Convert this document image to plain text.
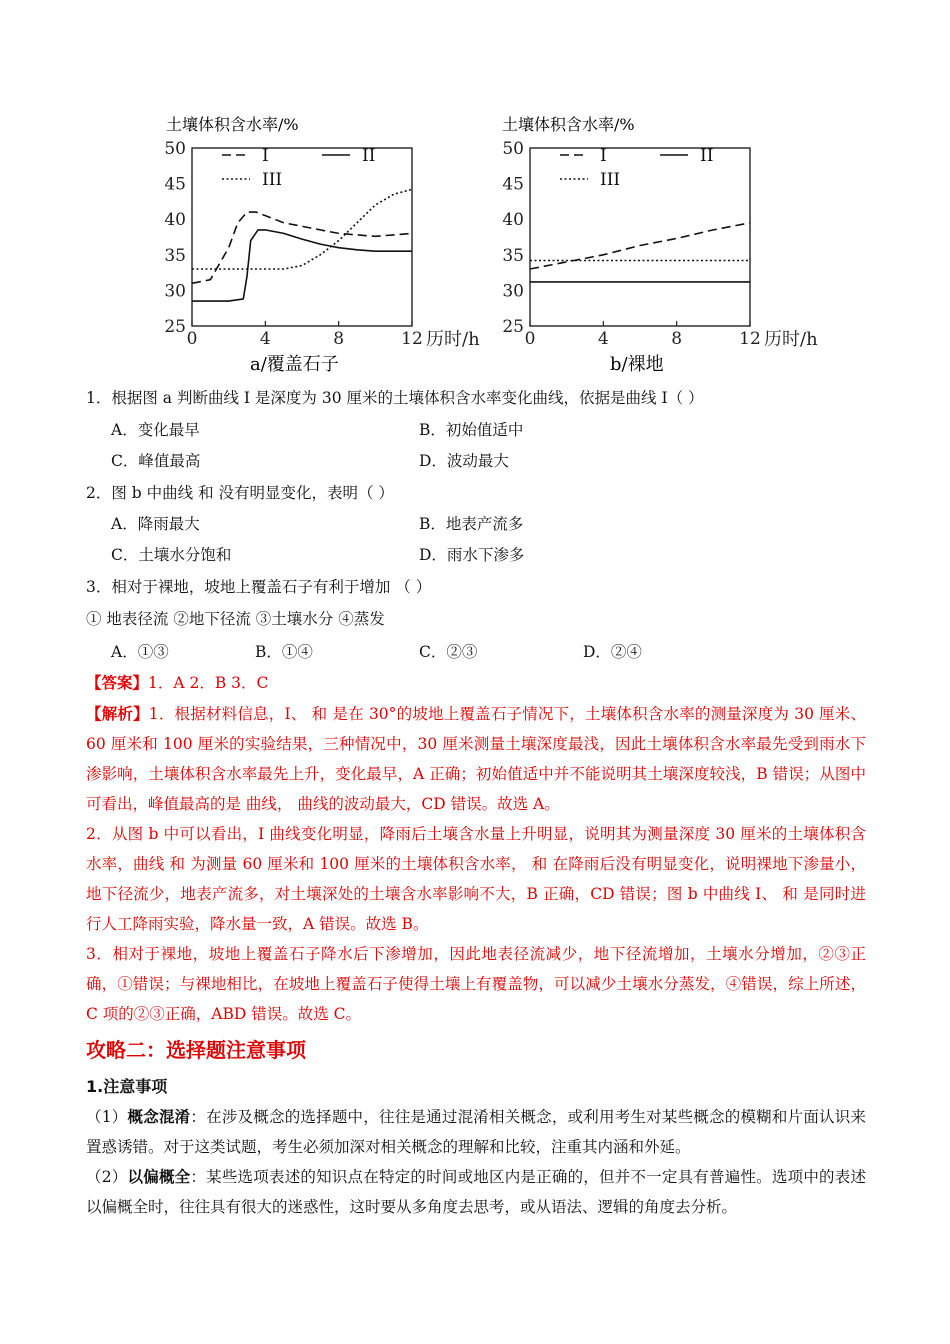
土壤体积含水率/%
25
30
35
40
45
50
0	4	8	12 历时/h
I	II
III
a/覆盖石子
土壤体积含水率/%
25
30
35
40
45
50
0	4	8	12 历时/h
I	II
III
b/裸地
1．根据图 a 判断曲线 I 是深度为 30 厘米的土壤体积含水率变化曲线，依据是曲线 I（ ）
A．变化最早	B．初始值适中
C．峰值最高	D．波动最大
2．图 b 中曲线 和 没有明显变化，表明（ ）
A．降雨最大	B．地表产流多
C．土壤水分饱和	D．雨水下渗多
3．相对于裸地，坡地上覆盖石子有利于增加 （ ）
① 地表径流 ②地下径流 ③土壤水分 ④蒸发
A．①③	B．①④	C．②③	D．②④
【答案】1．A 2．B 3．C
【解析】1．根据材料信息，I、 和 是在 30°的坡地上覆盖石子情况下，土壤体积含水率的测量深度为 30 厘米、60 厘米和 100 厘米的实验结果，三种情况中，30 厘米测量土壤深度最浅，因此土壤体积含水率最先受到雨水下渗影响，土壤体积含水率最先上升，变化最早，A 正确；初始值适中并不能说明其土壤深度较浅，B 错误；从图中可看出，峰值最高的是 曲线， 曲线的波动最大，CD 错误。故选 A。
2．从图 b 中可以看出，I 曲线变化明显，降雨后土壤含水量上升明显，说明其为测量深度 30 厘米的土壤体积含水率，曲线 和 为测量 60 厘米和 100 厘米的土壤体积含水率， 和 在降雨后没有明显变化，说明裸地下渗量小，地下径流少，地表产流多，对土壤深处的土壤含水率影响不大，B 正确，CD 错误；图 b 中曲线 I、 和 是同时进行人工降雨实验，降水量一致，A 错误。故选 B。
3．相对于裸地，坡地上覆盖石子降水后下渗增加，因此地表径流减少，地下径流增加，土壤水分增加，②③正确，①错误；与裸地相比，在坡地上覆盖石子使得土壤上有覆盖物，可以减少土壤水分蒸发，④错误，综上所述，C 项的②③正确，ABD 错误。故选 C。
攻略二：选择题注意事项
1.注意事项
（1）概念混淆：在涉及概念的选择题中，往往是通过混淆相关概念，或利用考生对某些概念的模糊和片面认识来置惑诱错。对于这类试题，考生必须加深对相关概念的理解和比较，注重其内涵和外延。
（2）以偏概全：某些选项表述的知识点在特定的时间或地区内是正确的，但并不一定具有普遍性。选项中的表述以偏概全时，往往具有很大的迷惑性，这时要从多角度去思考，或从语法、逻辑的角度去分析。
